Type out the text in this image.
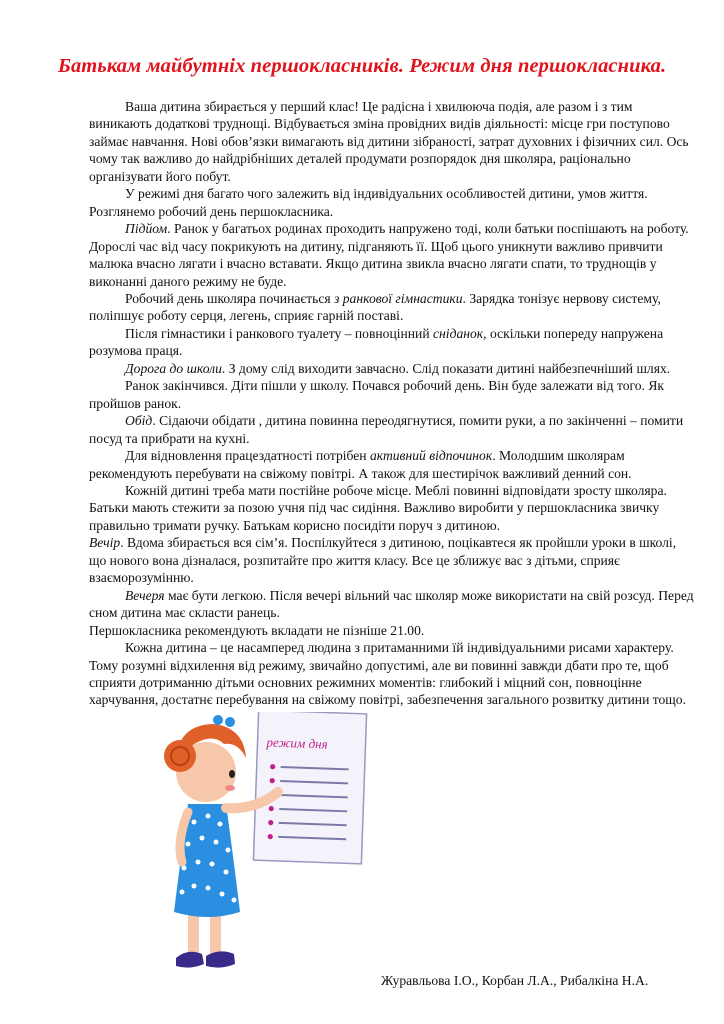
Батькам майбутніх першокласників. Режим дня першокласника.

Ваша дитина збирається у перший клас! Це радісна і хвилююча подія, але разом і з тим виникають додаткові труднощі. Відбувається зміна провідних видів діяльності: місце гри поступово займає навчання. Нові обов’язки вимагають від дитини зібраності, затрат духовних і фізичних сил. Ось чому так важливо до найдрібніших деталей продумати розпорядок дня школяра, раціонально організувати його побут.

У режимі дня багато чого залежить від індивідуальних особливостей дитини, умов життя. Розглянемо робочий день першокласника.

Підйом. Ранок у багатьох родинах проходить напружено тоді, коли батьки поспішають на роботу. Дорослі час від часу покрикують на дитину, підганяють її. Щоб цього уникнути важливо привчити малюка вчасно лягати і вчасно вставати. Якщо дитина звикла вчасно лягати спати, то труднощів у виконанні даного режиму не буде.

Робочий день школяра починається з ранкової гімнастики. Зарядка тонізує нервову систему, поліпшує роботу серця, легень, сприяє гарній поставі.

Після гімнастики і ранкового туалету – повноцінний сніданок, оскільки попереду напружена розумова праця.

Дорога до школи. З дому слід виходити завчасно. Слід показати дитині найбезпечніший шлях.

Ранок закінчився. Діти пішли у школу. Почався робочий день. Він буде залежати від того. Як пройшов ранок.

Обід. Сідаючи обідати , дитина повинна переодягнутися, помити руки, а по закінченні – помити посуд та прибрати на кухні.

Для відновлення працездатності потрібен активний відпочинок. Молодшим школярам рекомендують перебувати на свіжому повітрі. А також для шестирічок важливий денний сон.

Кожній дитині треба мати постійне робоче місце. Меблі повинні відповідати зросту школяра. Батьки мають стежити за позою учня під час сидіння. Важливо виробити у першокласника звичку правильно тримати ручку. Батькам корисно посидіти поруч з дитиною.

Вечір. Вдома збирається вся сім’я. Поспілкуйтеся з дитиною, поцікавтеся як пройшли уроки в школі, що нового вона дізналася, розпитайте про життя класу. Все це зближує вас з дітьми, сприяє взаєморозумінню.

Вечеря має бути легкою. Після вечері вільний час школяр може використати на свій розсуд. Перед сном дитина має скласти ранець.

Першокласника рекомендують вкладати не пізніше 21.00.

Кожна дитина – це насамперед людина з притаманними їй індивідуальними рисами характеру. Тому розумні відхилення від режиму, звичайно допустимі, але ви повинні завжди дбати про те, щоб сприяти дотриманню дітьми основних режимних моментів: глибокий і міцний сон, повноцінне харчування, достатнє перебування на свіжому повітрі, забезпечення загального розвитку дитини тощо.

режим дня
Журавльова І.О., Корбан Л.А., Рибалкіна Н.А.
